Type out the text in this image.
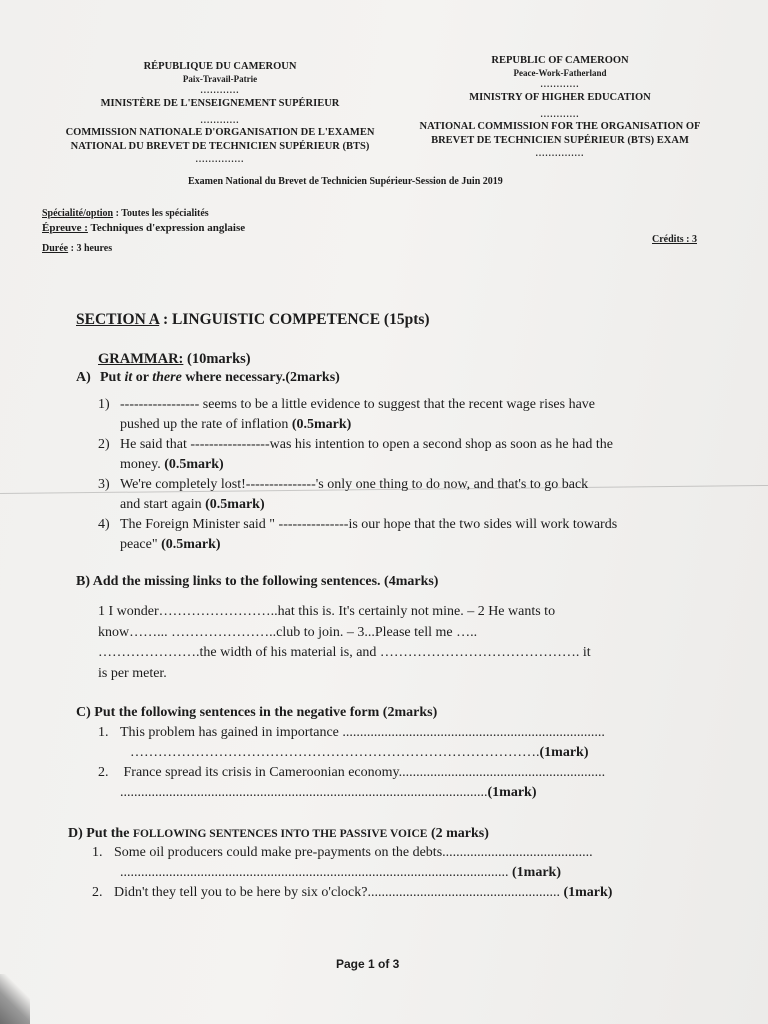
RÉPUBLIQUE DU CAMEROUN
Paix-Travail-Patrie
............
MINISTÈRE DE L'ENSEIGNEMENT SUPÉRIEUR
............
COMMISSION NATIONALE D'ORGANISATION DE L'EXAMEN
NATIONAL DU BREVET DE TECHNICIEN SUPÉRIEUR (BTS)
...............
REPUBLIC OF CAMEROON
Peace-Work-Fatherland
............
MINISTRY OF HIGHER EDUCATION
............
NATIONAL COMMISSION FOR THE ORGANISATION OF
BREVET DE TECHNICIEN SUPÉRIEUR (BTS) EXAM
...............
Examen National du Brevet de Technicien Supérieur-Session de Juin 2019
Spécialité/option : Toutes les spécialités
Épreuve : Techniques d'expression anglaise
Durée : 3 heures
Crédits : 3
SECTION A : LINGUISTIC COMPETENCE (15pts)
GRAMMAR: (10marks)
A) Put it or there where necessary.(2marks)
1) ----------------- seems to be a little evidence to suggest that the recent wage rises have
pushed up the rate of inflation (0.5mark)
2) He said that -----------------was his intention to open a second shop as soon as he had the
money. (0.5mark)
3) We're completely lost!---------------'s only one thing to do now, and that's to go back
and start again (0.5mark)
4) The Foreign Minister said " ---------------is our hope that the two sides will work towards
peace" (0.5mark)
B) Add the missing links to the following sentences. (4marks)
1 I wonder……………………..hat this is. It's certainly not mine. – 2 He wants to
know……... …………………..club to join. – 3...Please tell me …..
………………….the width of his material is, and ……………………………………. it
is per meter.
C) Put the following sentences in the negative form (2marks)
1. This problem has gained in importance ...........................................................................
…………………………………………………………………………….(1mark)
2. France spread its crisis in Cameroonian economy...........................................................
.........................................................................................................(1mark)
D) Put the FOLLOWING SENTENCES INTO THE PASSIVE VOICE (2 marks)
1. Some oil producers could make pre-payments on the debts...........................................
............................................................................................................... (1mark)
2. Didn't they tell you to be here by six o'clock?....................................................... (1mark)
Page 1 of 3
